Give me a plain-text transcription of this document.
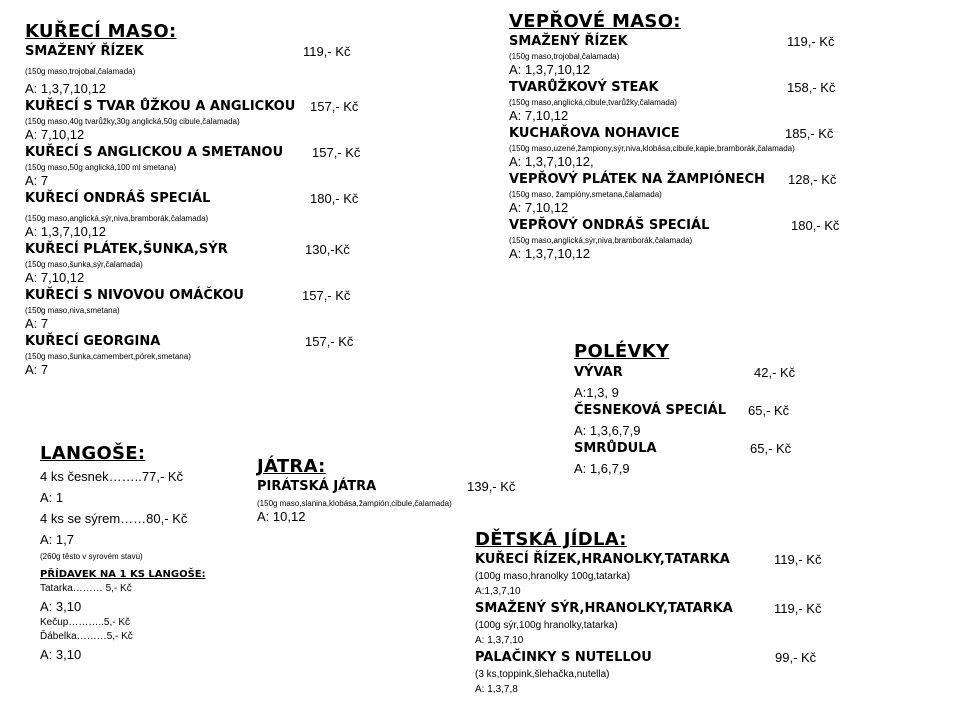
KUŘECÍ MASO:
SMAŽENÝ ŘÍZEK	119,- Kč
(150g maso,trojobal,čalamada)
A: 1,3,7,10,12
KUŘECÍ S TVAR ŮŽKOU A ANGLICKOU 157,- Kč
(150g maso,40g tvarůžky,30g anglická,50g cibule,čalamada)
A: 7,10,12
KUŘECÍ S ANGLICKOU A SMETANOU 157,- Kč
(150g maso,50g anglická,100 ml smetana)
A: 7
KUŘECÍ ONDRÁŠ SPECIÁL	180,- Kč
(150g maso,anglická,sýr,niva,bramborák,čalamada)
A: 1,3,7,10,12
KUŘECÍ PLÁTEK,ŠUNKA,SÝR	130,-Kč
(150g maso,šunka,sýr,čalamada)
A: 7,10,12
KUŘECÍ S NIVOVOU OMÁČKOU	157,- Kč
(150g maso,niva,smetana)
A: 7
KUŘECÍ GEORGINA	157,- Kč
(150g maso,šunka,camembert,pórek,smetana)
A: 7
VEPŘOVÉ MASO:
SMAŽENÝ ŘÍZEK	119,- Kč
(150g maso,trojobal,čalamada)
A: 1,3,7,10,12
TVARŮŽKOVÝ STEAK	158,- Kč
(150g maso,anglická,cibule,tvarůžky,čalamada)
A: 7,10,12
KUCHAŘOVA NOHAVICE	185,- Kč
(150g maso,uzené,žampiony,sýr,niva,klobása,cibule,kapie,bramborák,čalamada)
A: 1,3,7,10,12,
VEPŘOVÝ PLÁTEK NA ŽAMPIÓNECH 128,- Kč
(150g maso, žampióny,smetana,čalamada)
A: 7,10,12
VEPŘOVÝ ONDRÁŠ SPECIÁL	180,- Kč
(150g maso,anglická,sýr,niva,bramborák,čalamada)
A: 1,3,7,10,12
POLÉVKY
VÝVAR	42,- Kč
A:1,3, 9
ČESNEKOVÁ SPECIÁL 65,- Kč
A: 1,3,6,7,9
SMRŮDULA	65,- Kč
A: 1,6,7,9
LANGOŠE:
4 ks česnek……..77,- Kč
A: 1
4 ks se sýrem……80,- Kč
A: 1,7
(260g těsto v syrovém stavu)
PŘÍDAVEK NA 1 KS LANGOŠE:
Tatarka……… 5,- Kč
A: 3,10
Kečup………..5,- Kč
Ďábelka………5,- Kč
A: 3,10
JÁTRA:
PIRÁTSKÁ JÁTRA	139,- Kč
(150g maso,slanina,klobása,žampión,cibule,čalamada)
A: 10,12
DĚTSKÁ JÍDLA:
KUŘECÍ ŘÍZEK,HRANOLKY,TATARKA	119,- Kč
(100g maso,hranolky 100g,tatarka)
A:1,3,7,10
SMAŽENÝ SÝR,HRANOLKY,TATARKA	119,- Kč
(100g sýr,100g hranolky,tatarka)
A: 1,3,7,10
PALAČINKY S NUTELLOU	99,- Kč
(3 ks,toppink,šlehačka,nutella)
A: 1,3,7,8
